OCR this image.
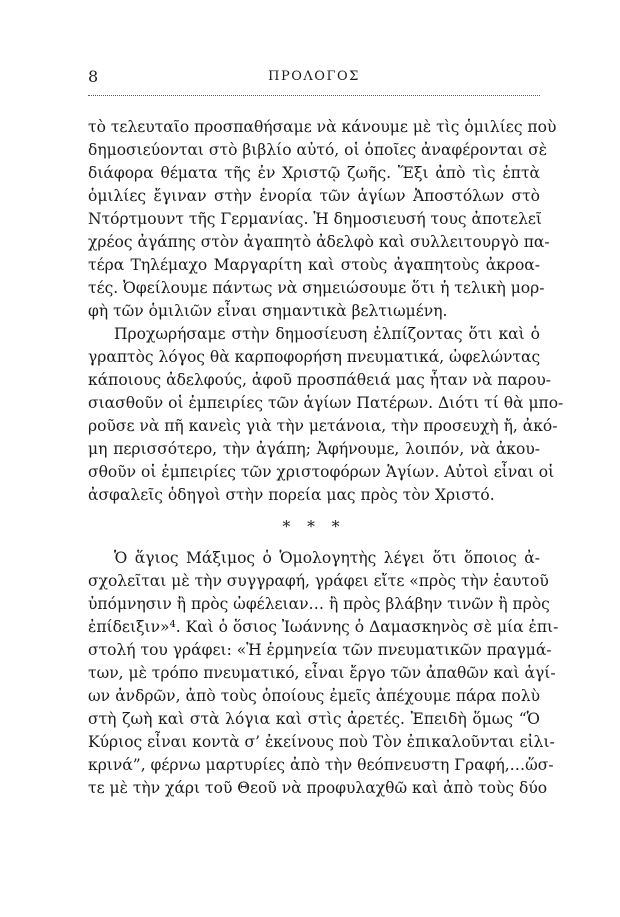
8	ΠΡΟΛΟΓΟΣ
τὸ τελευταῖο προσπαθήσαμε νὰ κάνουμε μὲ τὶς ὁμιλίες ποὺ
δημοσιεύονται στὸ βιβλίο αὐτό, οἱ ὁποῖες ἀναφέρονται σὲ
διάφορα θέματα τῆς ἐν Χριστῷ ζωῆς. Ἕξι ἀπὸ τὶς ἑπτὰ
ὁμιλίες ἔγιναν στὴν ἐνορία τῶν ἁγίων Ἀποστόλων στὸ
Ντόρτμουντ τῆς Γερμανίας. Ἡ δημοσιευσή τους ἀποτελεῖ
χρέος ἀγάπης στὸν ἀγαπητὸ ἀδελφὸ καὶ συλλειτουργὸ πα-
τέρα Τηλέμαχο Μαργαρίτη καὶ στοὺς ἀγαπητοὺς ἀκροα-
τές. Ὀφείλουμε πάντως νὰ σημειώσουμε ὅτι ἡ τελικὴ μορ-
φὴ τῶν ὁμιλιῶν εἶναι σημαντικὰ βελτιωμένη.
Προχωρήσαμε στὴν δημοσίευση ἐλπίζοντας ὅτι καὶ ὁ
γραπτὸς λόγος θὰ καρποφορήση πνευματικά, ὠφελώντας
κάποιους ἀδελφούς, ἀφοῦ προσπάθειά μας ἦταν νὰ παρου-
σιασθοῦν οἱ ἐμπειρίες τῶν ἁγίων Πατέρων. Διότι τί θὰ μπο-
ροῦσε νὰ πῆ κανεὶς γιὰ τὴν μετάνοια, τὴν προσευχὴ ἤ, ἀκό-
μη περισσότερο, τὴν ἀγάπη; Ἀφήνουμε, λοιπόν, νὰ ἀκου-
σθοῦν οἱ ἐμπειρίες τῶν χριστοφόρων Ἁγίων. Αὐτοὶ εἶναι οἱ
ἀσφαλεῖς ὁδηγοὶ στὴν πορεία μας πρὸς τὸν Χριστό.
* * *
Ὁ ἅγιος Μάξιμος ὁ Ὁμολογητὴς λέγει ὅτι ὅποιος ἀ-
σχολεῖται μὲ τὴν συγγραφή, γράφει εἴτε «πρὸς τὴν ἑαυτοῦ
ὑπόμνησιν ἢ πρὸς ὠφέλειαν… ἢ πρὸς βλάβην τινῶν ἢ πρὸς
ἐπίδειξιν»⁴. Καὶ ὁ ὅσιος Ἰωάννης ὁ Δαμασκηνὸς σὲ μία ἐπι-
στολή του γράφει: «Ἡ ἑρμηνεία τῶν πνευματικῶν πραγμά-
των, μὲ τρόπο πνευματικό, εἶναι ἔργο τῶν ἀπαθῶν καὶ ἁγί-
ων ἀνδρῶν, ἀπὸ τοὺς ὁποίους ἐμεῖς ἀπέχουμε πάρα πολὺ
στὴ ζωὴ καὶ στὰ λόγια καὶ στὶς ἀρετές. Ἐπειδὴ ὅμως “Ὁ
Κύριος εἶναι κοντὰ σ’ ἐκείνους ποὺ Τὸν ἐπικαλοῦνται εἰλι-
κρινά”, φέρνω μαρτυρίες ἀπὸ τὴν θεόπνευστη Γραφή,…ὥσ-
τε μὲ τὴν χάρι τοῦ Θεοῦ νὰ προφυλαχθῶ καὶ ἀπὸ τοὺς δύο
